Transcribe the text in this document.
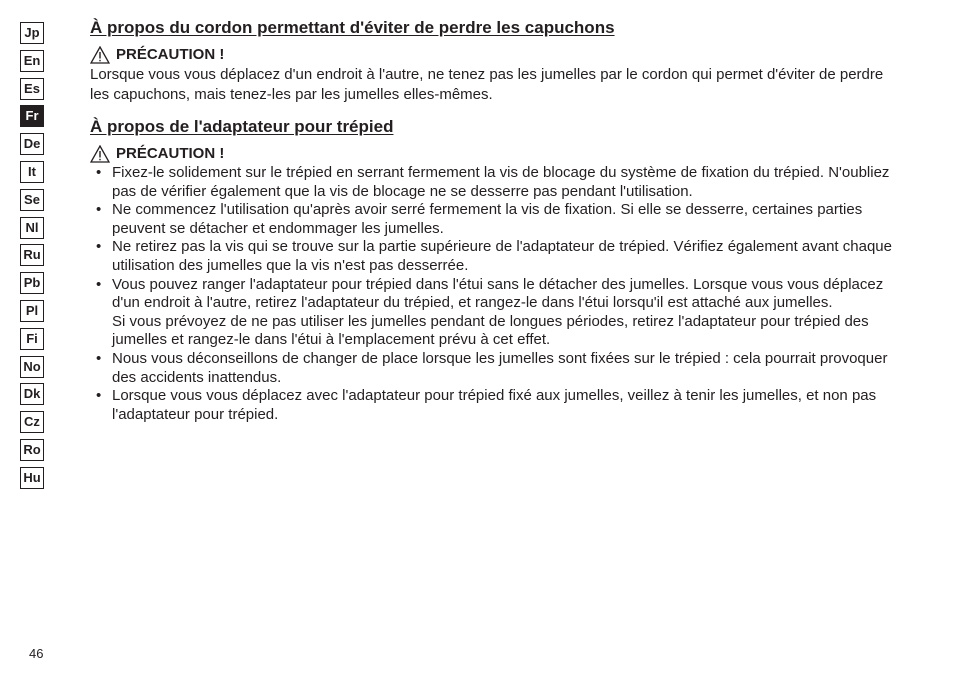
Jp
En
Es
Fr
De
It
Se
Nl
Ru
Pb
Pl
Fi
No
Dk
Cz
Ro
Hu
À propos du cordon permettant d'éviter de perdre les capuchons
PRÉCAUTION !

Lorsque vous vous déplacez d'un endroit à l'autre, ne tenez pas les jumelles par le cordon qui permet d'éviter de perdre les capuchons, mais tenez-les par les jumelles elles-mêmes.

À propos de l'adaptateur pour trépied
PRÉCAUTION !
• Fixez-le solidement sur le trépied en serrant fermement la vis de blocage du système de fixation du trépied. N'oubliez pas de vérifier également que la vis de blocage ne se desserre pas pendant l'utilisation.
• Ne commencez l'utilisation qu'après avoir serré fermement la vis de fixation. Si elle se desserre, certaines parties peuvent se détacher et endommager les jumelles.
• Ne retirez pas la vis qui se trouve sur la partie supérieure de l'adaptateur de trépied. Vérifiez également avant chaque utilisation des jumelles que la vis n'est pas desserrée.
• Vous pouvez ranger l'adaptateur pour trépied dans l'étui sans le détacher des jumelles. Lorsque vous vous déplacez d'un endroit à l'autre, retirez l'adaptateur du trépied, et rangez-le dans l'étui lorsqu'il est attaché aux jumelles.
Si vous prévoyez de ne pas utiliser les jumelles pendant de longues périodes, retirez l'adaptateur pour trépied des jumelles et rangez-le dans l'étui à l'emplacement prévu à cet effet.
• Nous vous déconseillons de changer de place lorsque les jumelles sont fixées sur le trépied : cela pourrait provoquer des accidents inattendus.
• Lorsque vous vous déplacez avec l'adaptateur pour trépied fixé aux jumelles, veillez à tenir les jumelles, et non pas l'adaptateur pour trépied.
46
